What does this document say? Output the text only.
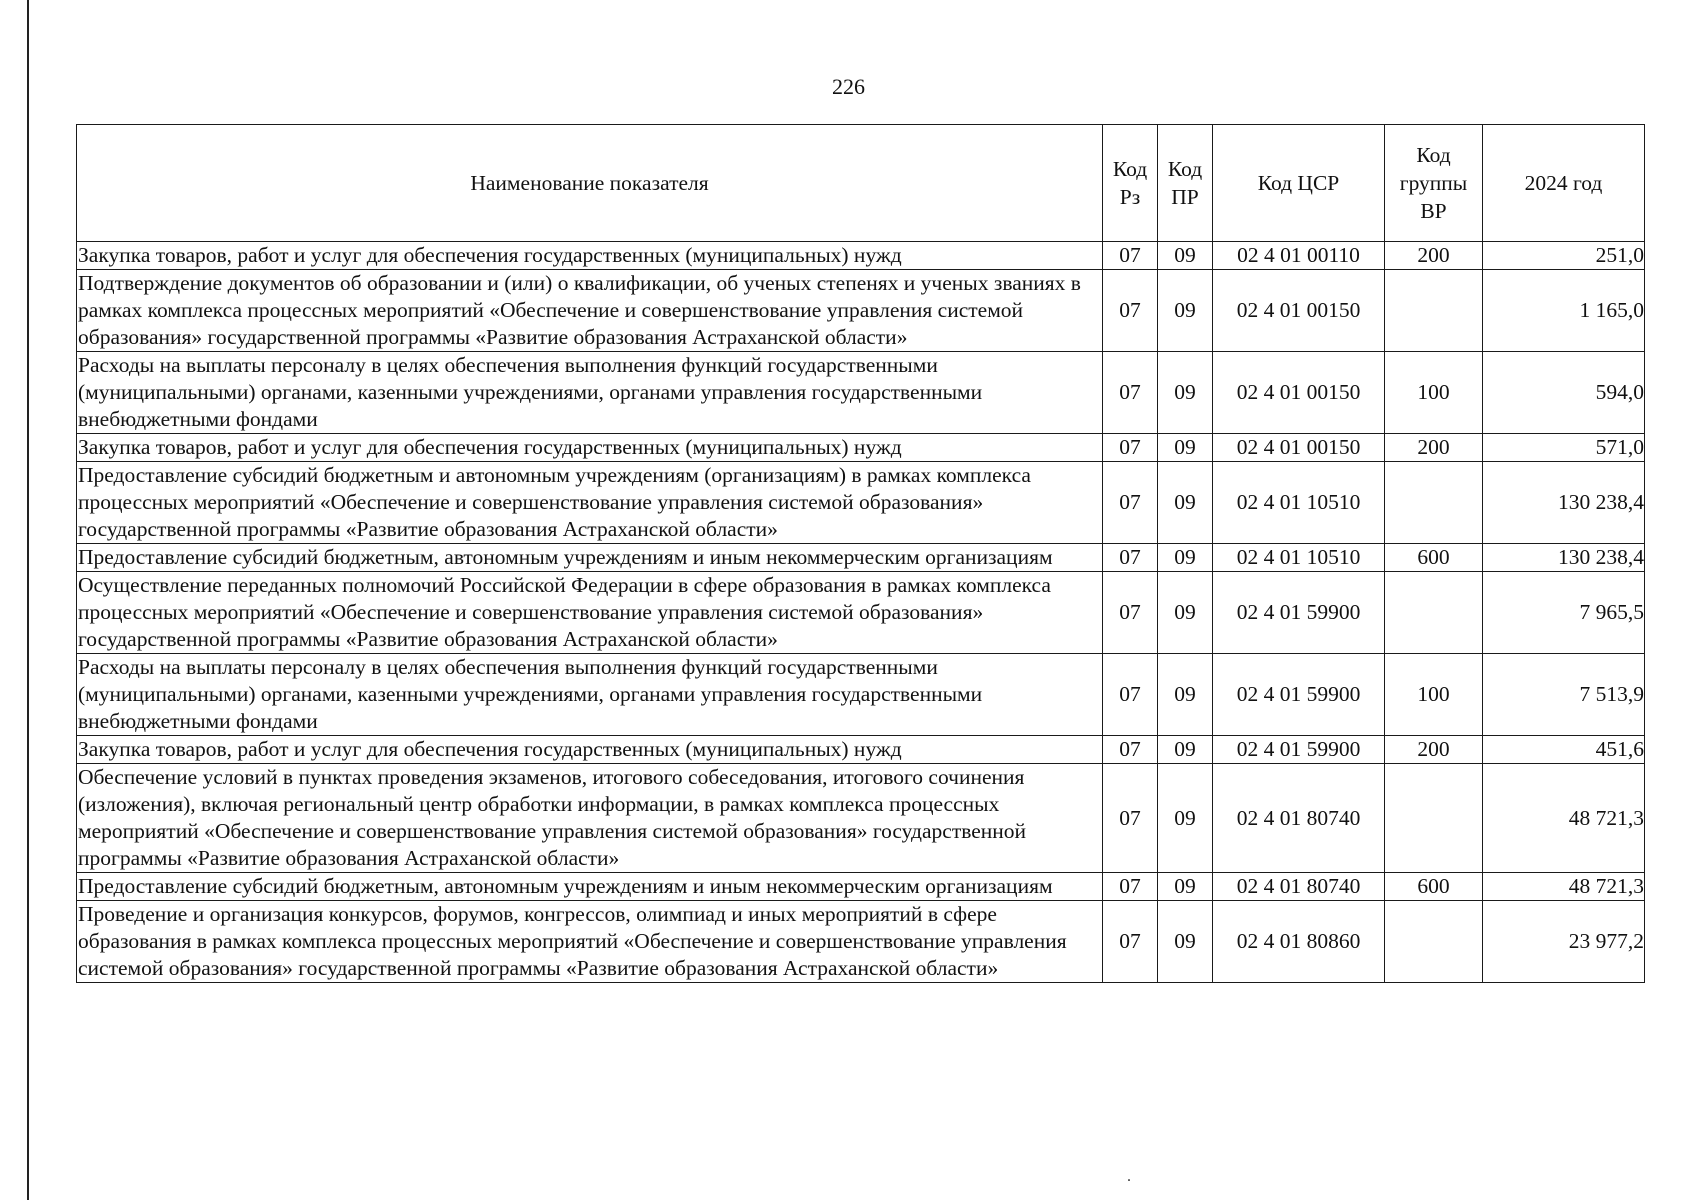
226
Наименование показателя	Код Рз	Код ПР	Код ЦСР	Код группы ВР	2024 год
Закупка товаров, работ и услуг для обеспечения государственных (муниципальных) нужд	07	09	02 4 01 00110	200	251,0
Подтверждение документов об образовании и (или) о квалификации, об ученых степенях и ученых званиях в рамках комплекса процессных мероприятий «Обеспечение и совершенствование управления системой образования» государственной программы «Развитие образования Астраханской области»	07	09	02 4 01 00150		1 165,0
Расходы на выплаты персоналу в целях обеспечения выполнения функций государственными (муниципальными) органами, казенными учреждениями, органами управления государственными внебюджетными фондами	07	09	02 4 01 00150	100	594,0
Закупка товаров, работ и услуг для обеспечения государственных (муниципальных) нужд	07	09	02 4 01 00150	200	571,0
Предоставление субсидий бюджетным и автономным учреждениям (организациям) в рамках комплекса процессных мероприятий «Обеспечение и совершенствование управления системой образования» государственной программы «Развитие образования Астраханской области»	07	09	02 4 01 10510		130 238,4
Предоставление субсидий бюджетным, автономным учреждениям и иным некоммерческим организациям	07	09	02 4 01 10510	600	130 238,4
Осуществление переданных полномочий Российской Федерации в сфере образования в рамках комплекса процессных мероприятий «Обеспечение и совершенствование управления системой образования» государственной программы «Развитие образования Астраханской области»	07	09	02 4 01 59900		7 965,5
Расходы на выплаты персоналу в целях обеспечения выполнения функций государственными (муниципальными) органами, казенными учреждениями, органами управления государственными внебюджетными фондами	07	09	02 4 01 59900	100	7 513,9
Закупка товаров, работ и услуг для обеспечения государственных (муниципальных) нужд	07	09	02 4 01 59900	200	451,6
Обеспечение условий в пунктах проведения экзаменов, итогового собеседования, итогового сочинения (изложения), включая региональный центр обработки информации, в рамках комплекса процессных мероприятий «Обеспечение и совершенствование управления системой образования» государственной программы «Развитие образования Астраханской области»	07	09	02 4 01 80740		48 721,3
Предоставление субсидий бюджетным, автономным учреждениям и иным некоммерческим организациям	07	09	02 4 01 80740	600	48 721,3
Проведение и организация конкурсов, форумов, конгрессов, олимпиад и иных мероприятий в сфере образования в рамках комплекса процессных мероприятий «Обеспечение и совершенствование управления системой образования» государственной программы «Развитие образования Астраханской области»	07	09	02 4 01 80860		23 977,2
.
